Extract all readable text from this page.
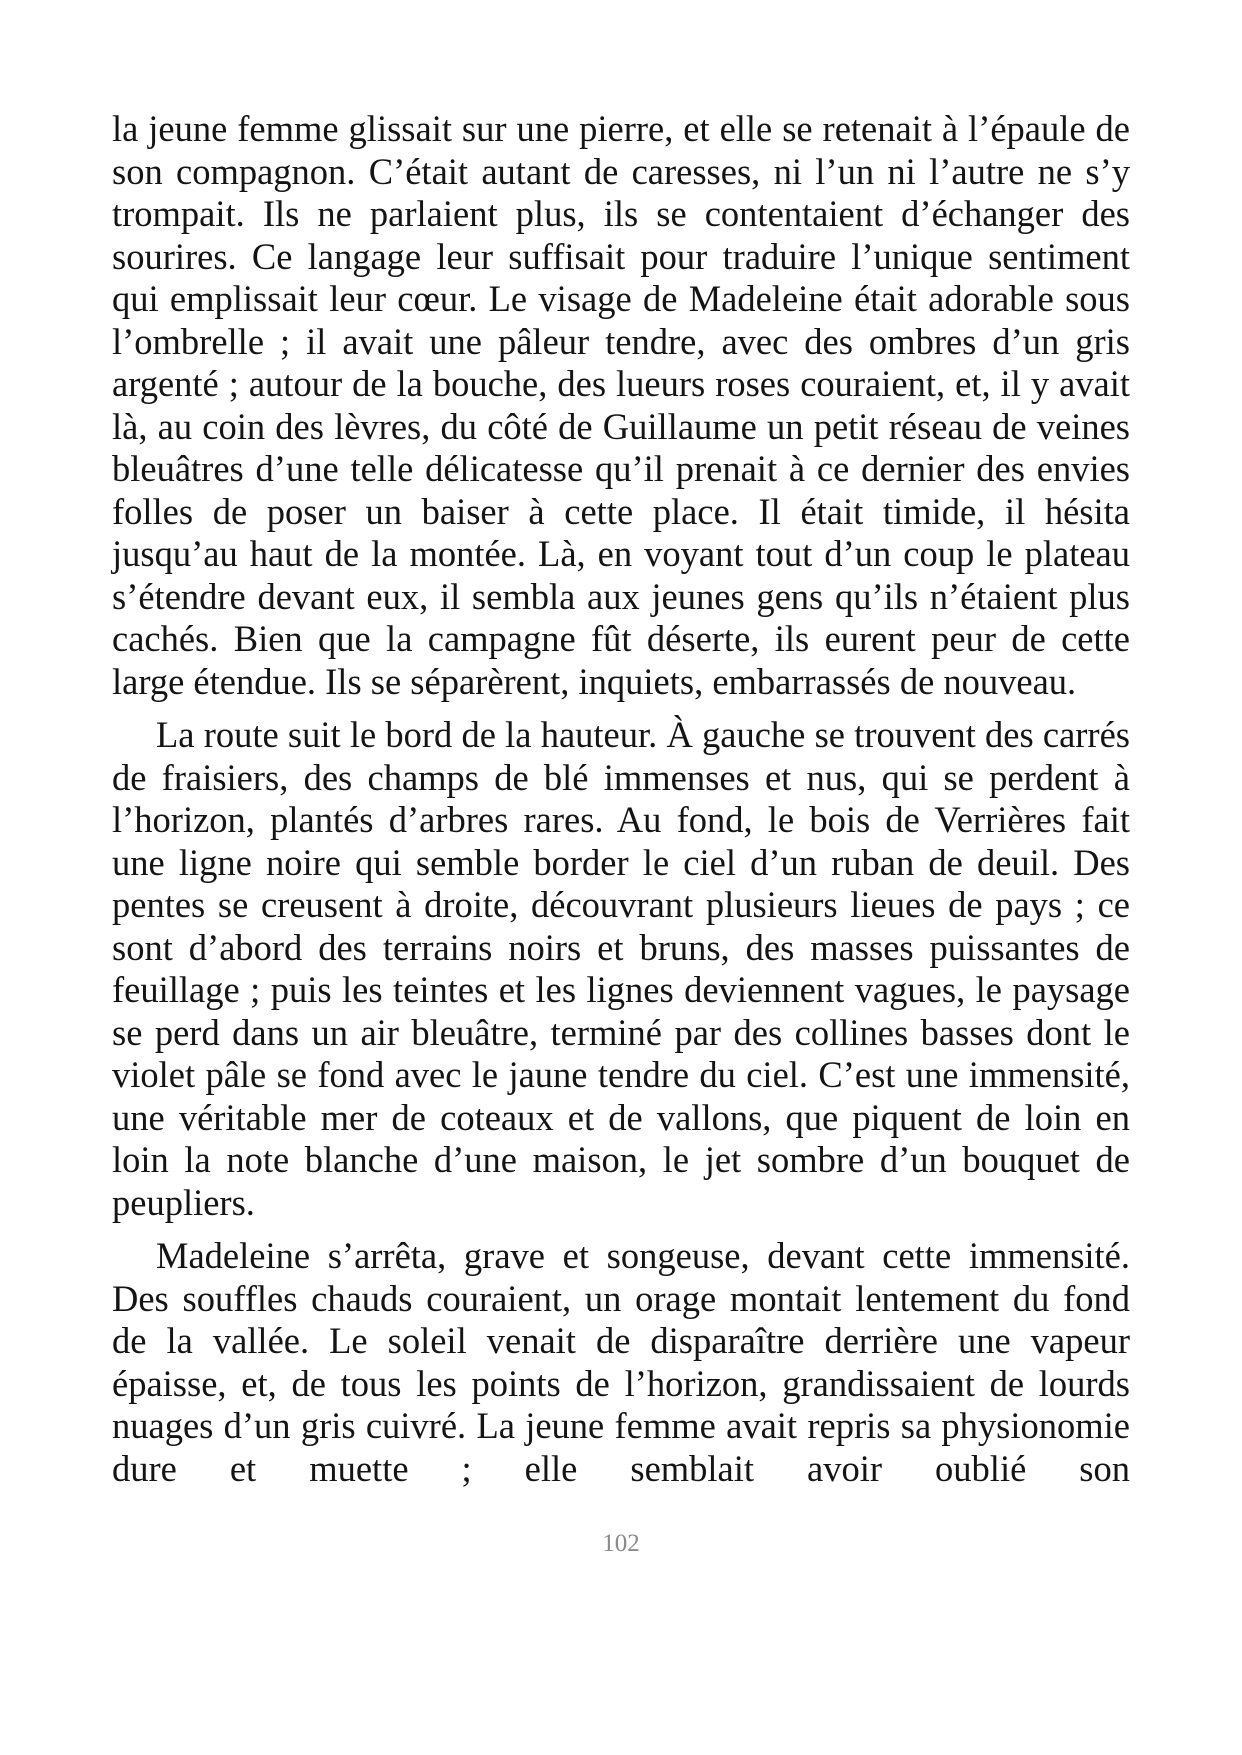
la jeune femme glissait sur une pierre, et elle se retenait à l’épaule de son compagnon. C’était autant de caresses, ni l’un ni l’autre ne s’y trompait. Ils ne parlaient plus, ils se contentaient d’échanger des sourires. Ce langage leur suffisait pour traduire l’unique sentiment qui emplissait leur cœur. Le visage de Madeleine était adorable sous l’ombrelle ; il avait une pâleur tendre, avec des ombres d’un gris argenté ; autour de la bouche, des lueurs roses couraient, et, il y avait là, au coin des lèvres, du côté de Guillaume un petit réseau de veines bleuâtres d’une telle délicatesse qu’il prenait à ce dernier des envies folles de poser un baiser à cette place. Il était timide, il hésita jusqu’au haut de la montée. Là, en voyant tout d’un coup le plateau s’étendre devant eux, il sembla aux jeunes gens qu’ils n’étaient plus cachés. Bien que la campagne fût déserte, ils eurent peur de cette large étendue. Ils se séparèrent, inquiets, embarrassés de nouveau.

La route suit le bord de la hauteur. À gauche se trouvent des carrés de fraisiers, des champs de blé immenses et nus, qui se perdent à l’horizon, plantés d’arbres rares. Au fond, le bois de Verrières fait une ligne noire qui semble border le ciel d’un ruban de deuil. Des pentes se creusent à droite, découvrant plusieurs lieues de pays ; ce sont d’abord des terrains noirs et bruns, des masses puissantes de feuillage ; puis les teintes et les lignes deviennent vagues, le paysage se perd dans un air bleuâtre, terminé par des collines basses dont le violet pâle se fond avec le jaune tendre du ciel. C’est une immensité, une véritable mer de coteaux et de vallons, que piquent de loin en loin la note blanche d’une maison, le jet sombre d’un bouquet de peupliers.

Madeleine s’arrêta, grave et songeuse, devant cette immensité. Des souffles chauds couraient, un orage montait lentement du fond de la vallée. Le soleil venait de disparaître derrière une vapeur épaisse, et, de tous les points de l’horizon, grandissaient de lourds nuages d’un gris cuivré. La jeune femme avait repris sa physionomie dure et muette ; elle semblait avoir oublié son

102
